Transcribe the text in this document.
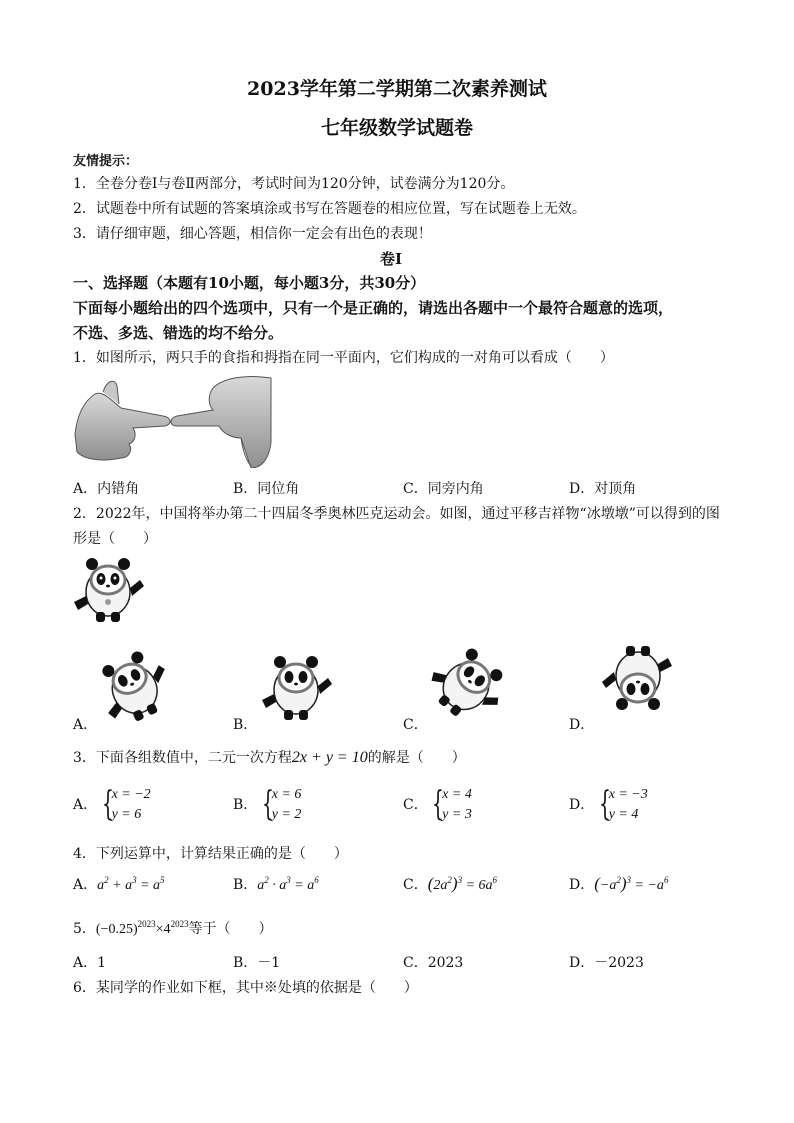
2023学年第二学期第二次素养测试
七年级数学试题卷
友情提示：
1．全卷分卷Ⅰ与卷Ⅱ两部分，考试时间为120分钟，试卷满分为120分。
2．试题卷中所有试题的答案填涂或书写在答题卷的相应位置，写在试题卷上无效。
3．请仔细审题，细心答题，相信你一定会有出色的表现！
卷Ⅰ
一、选择题（本题有10小题，每小题3分，共30分）
下面每小题给出的四个选项中，只有一个是正确的，请选出各题中一个最符合题意的选项，
不选、多选、错选的均不给分。
1．如图所示，两只手的食指和拇指在同一平面内，它们构成的一对角可以看成（　　）
A．内错角	B．同位角	C．同旁内角	D．对顶角
2．2022年，中国将举办第二十四届冬季奥林匹克运动会。如图，通过平移吉祥物“冰墩墩”可以得到的图
形是（　　）
A．	B．	C．	D．
3．下面各组数值中，二元一次方程2x + y = 10的解是（　　）
A． {
x = −2
y = 6
B． {
x = 6
y = 2
C． {
x = 4
y = 3
D． {
x = −3
y = 4
4．下列运算中，计算结果正确的是（　　）
A．$a^2 + a^3 = a^5$	B．$a^2 \cdot a^3 = a^6$	C．$(2a^2)^3 = 6a^6$	D．$(-a^2)^3 = -a^6$
5．$(-0.25)^{2023}\times 4^{2023}$等于（　　）
A．1	B．－1	C．2023	D．－2023
6．某同学的作业如下框，其中※处填的依据是（　　）
